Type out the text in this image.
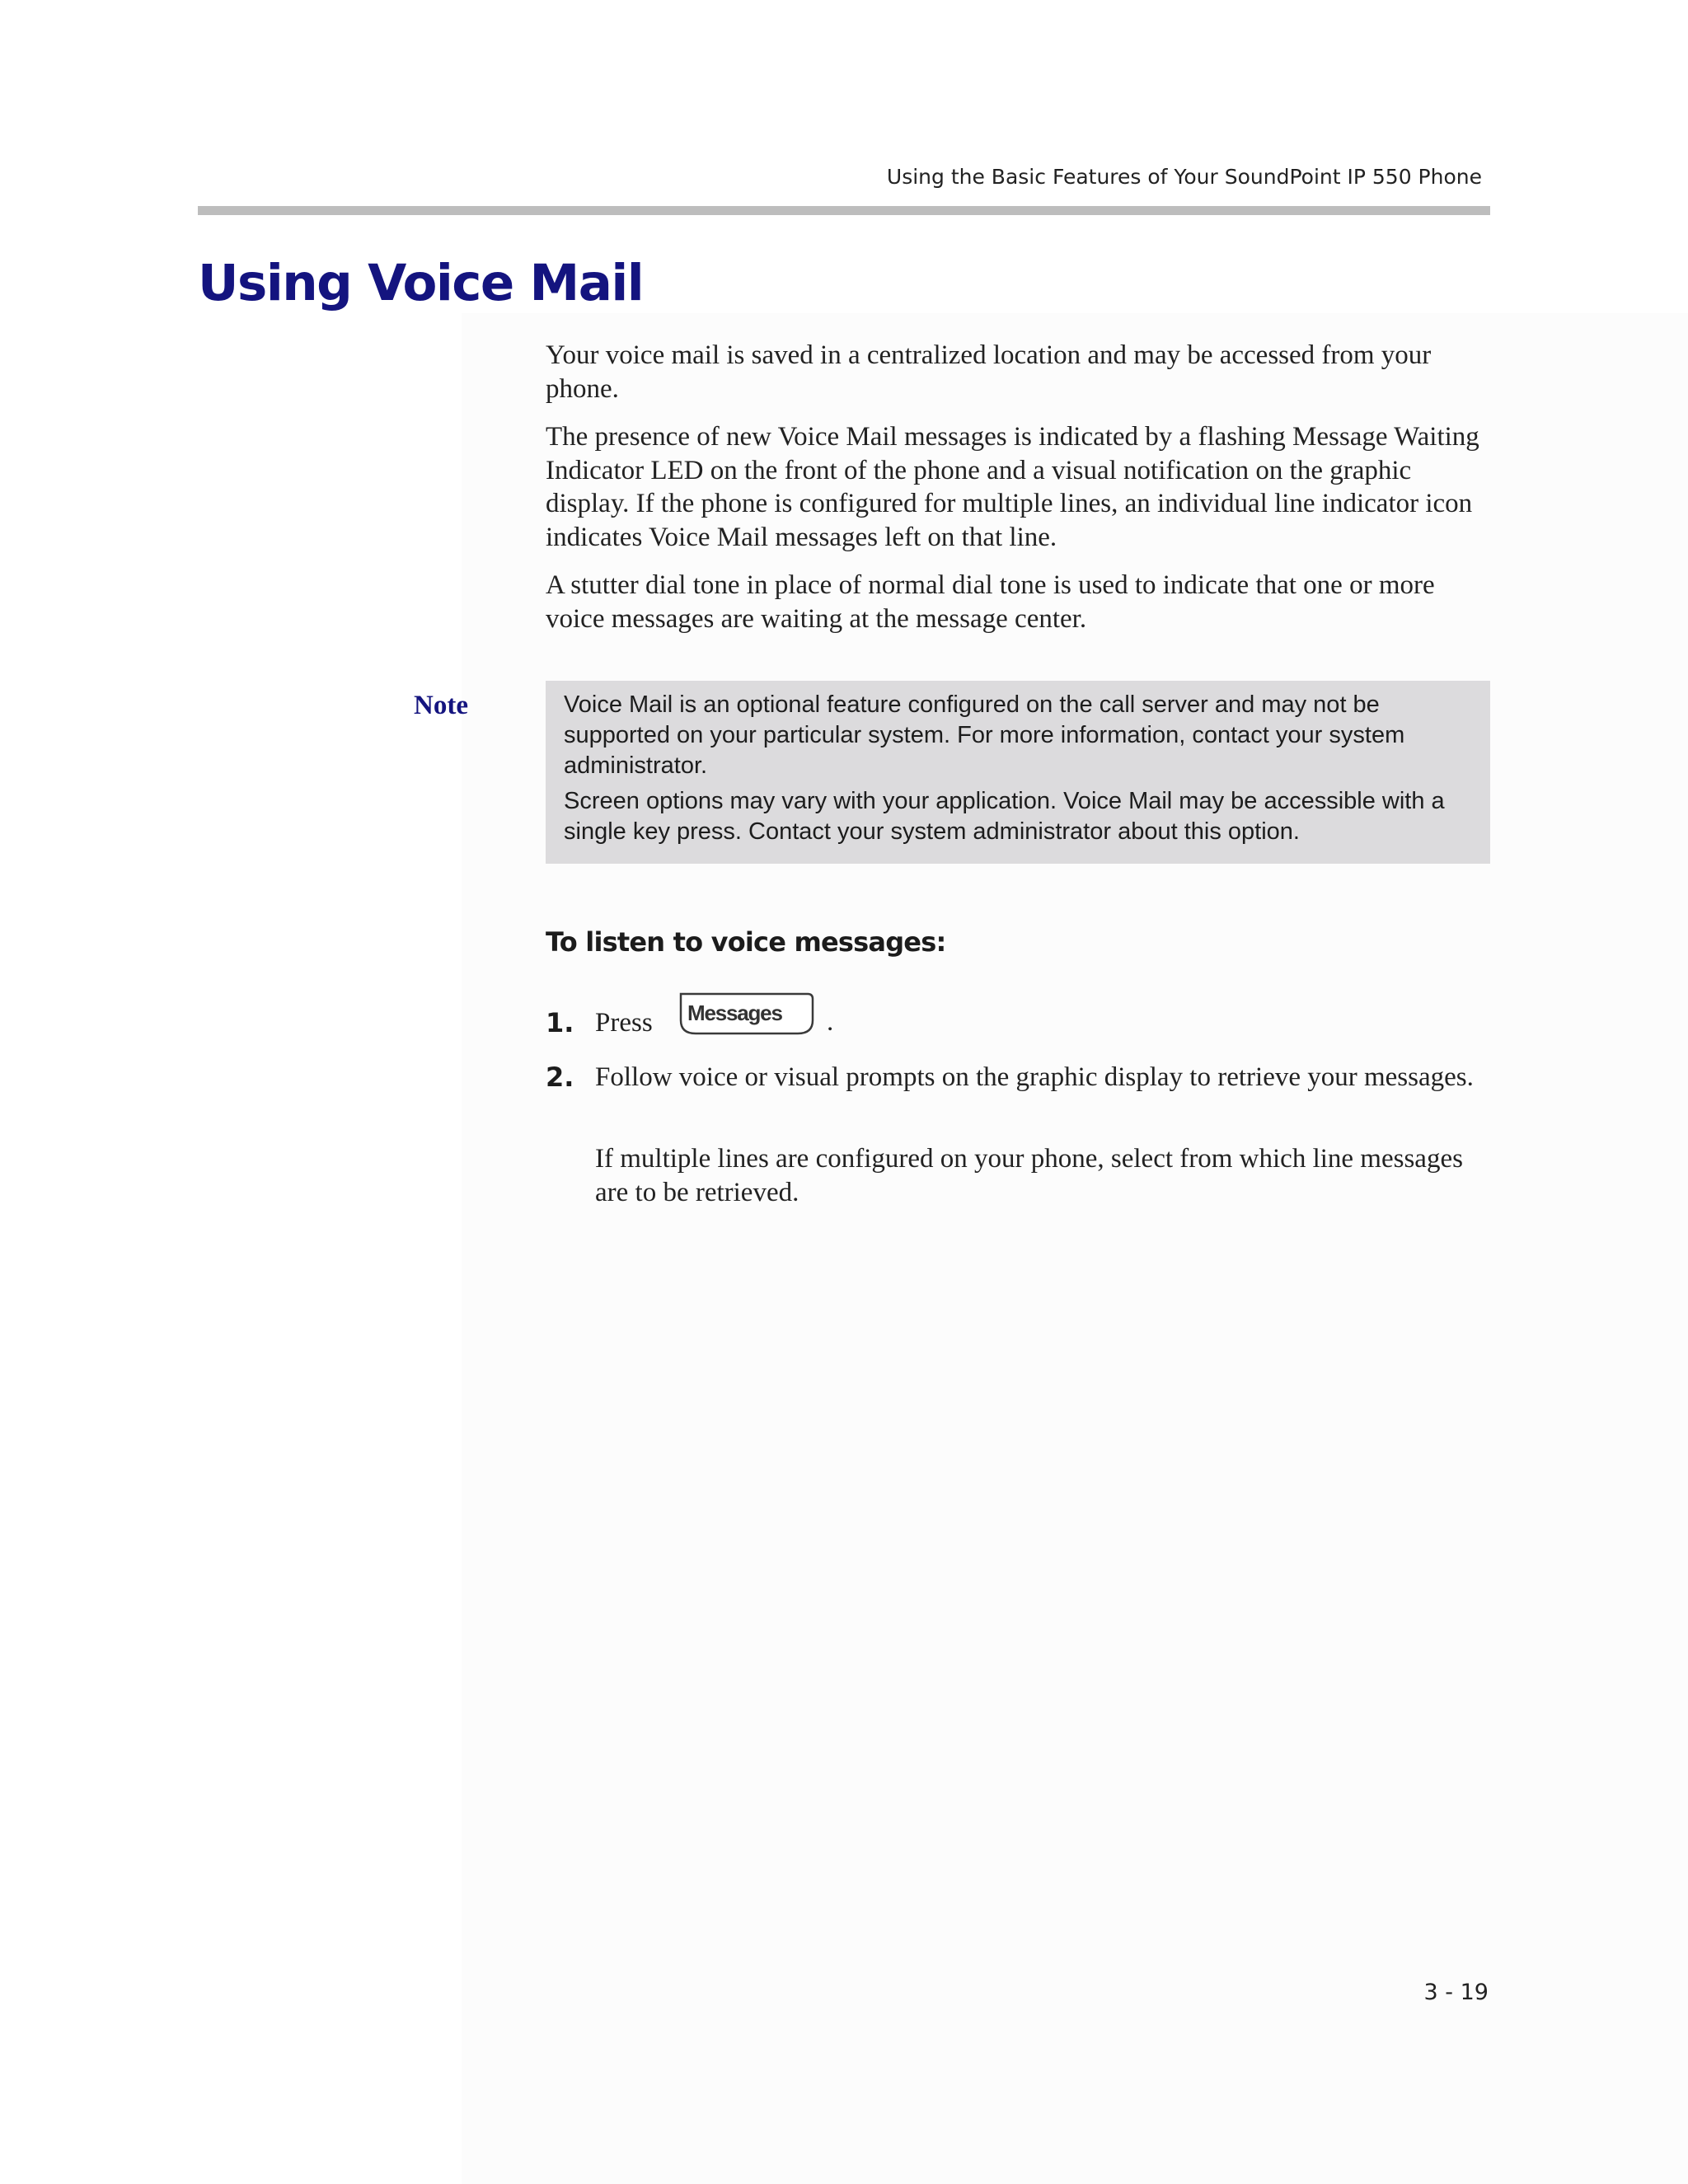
Using the Basic Features of Your SoundPoint IP 550 Phone
Using Voice Mail

Your voice mail is saved in a centralized location and may be accessed from your phone.

The presence of new Voice Mail messages is indicated by a flashing Message Waiting Indicator LED on the front of the phone and a visual notification on the graphic display. If the phone is configured for multiple lines, an individual line indicator icon indicates Voice Mail messages left on that line.

A stutter dial tone in place of normal dial tone is used to indicate that one or more voice messages are waiting at the message center.

Note	Voice Mail is an optional feature configured on the call server and may not be supported on your particular system. For more information, contact your system administrator.

Screen options may vary with your application. Voice Mail may be accessible with a single key press. Contact your system administrator about this option.

To listen to voice messages:
1. Press	Messages .
2. Follow voice or visual prompts on the graphic display to retrieve your messages.

If multiple lines are configured on your phone, select from which line messages are to be retrieved.

3 - 19
